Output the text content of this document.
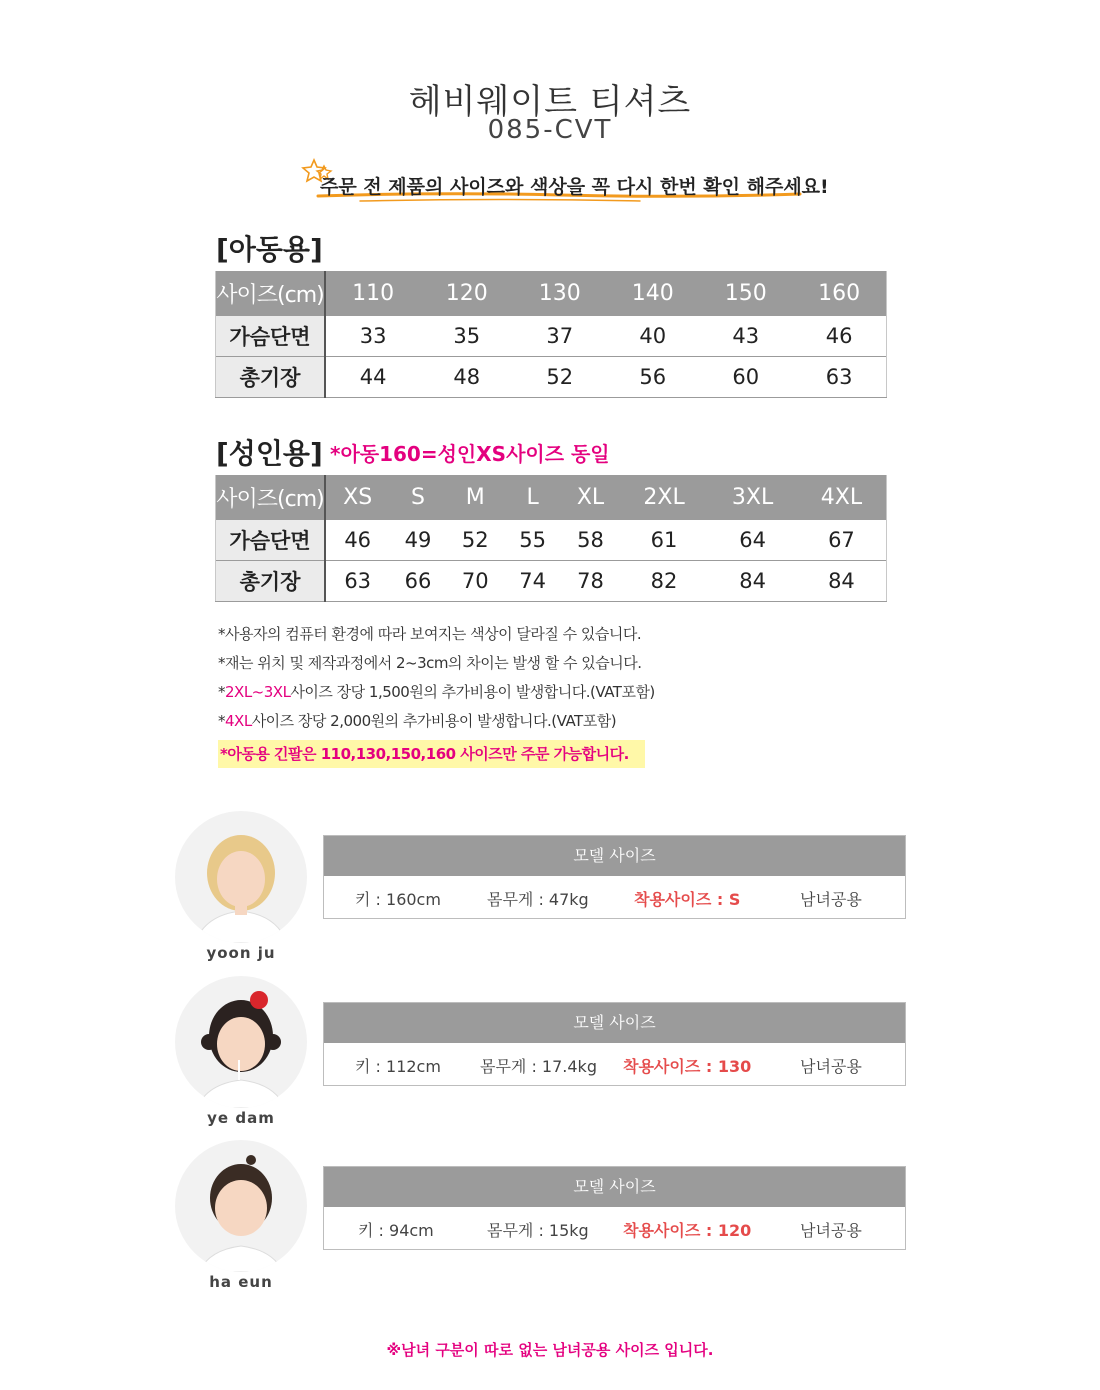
헤비웨이트 티셔츠
085-CVT
주문 전 제품의 사이즈와 색상을 꼭 다시 한번 확인 해주세요!
[아동용]
사이즈(cm)	110	120	130	140	150	160
가슴단면	33	35	37	40	43	46
총기장	44	48	52	56	60	63
[성인용] *아동160=성인XS사이즈 동일
사이즈(cm)	XS	S	M	L	XL	2XL	3XL	4XL
가슴단면	46	49	52	55	58	61	64	67
총기장	63	66	70	74	78	82	84	84
*사용자의 컴퓨터 환경에 따라 보여지는 색상이 달라질 수 있습니다.
*재는 위치 및 제작과정에서 2~3cm의 차이는 발생 할 수 있습니다.
*2XL~3XL사이즈 장당 1,500원의 추가비용이 발생합니다.(VAT포함)
*4XL사이즈 장당 2,000원의 추가비용이 발생합니다.(VAT포함)
*아동용 긴팔은 110,130,150,160 사이즈만 주문 가능합니다.
yoon ju
모델 사이즈
키 : 160cm	몸무게 : 47kg	착용사이즈 : S	남녀공용
ye dam
모델 사이즈
키 : 112cm 몸무게 : 17.4kg 착용사이즈 : 130	남녀공용
ha eun
모델 사이즈
키 : 94cm	몸무게 : 15kg 착용사이즈 : 120	남녀공용
※남녀 구분이 따로 없는 남녀공용 사이즈 입니다.
